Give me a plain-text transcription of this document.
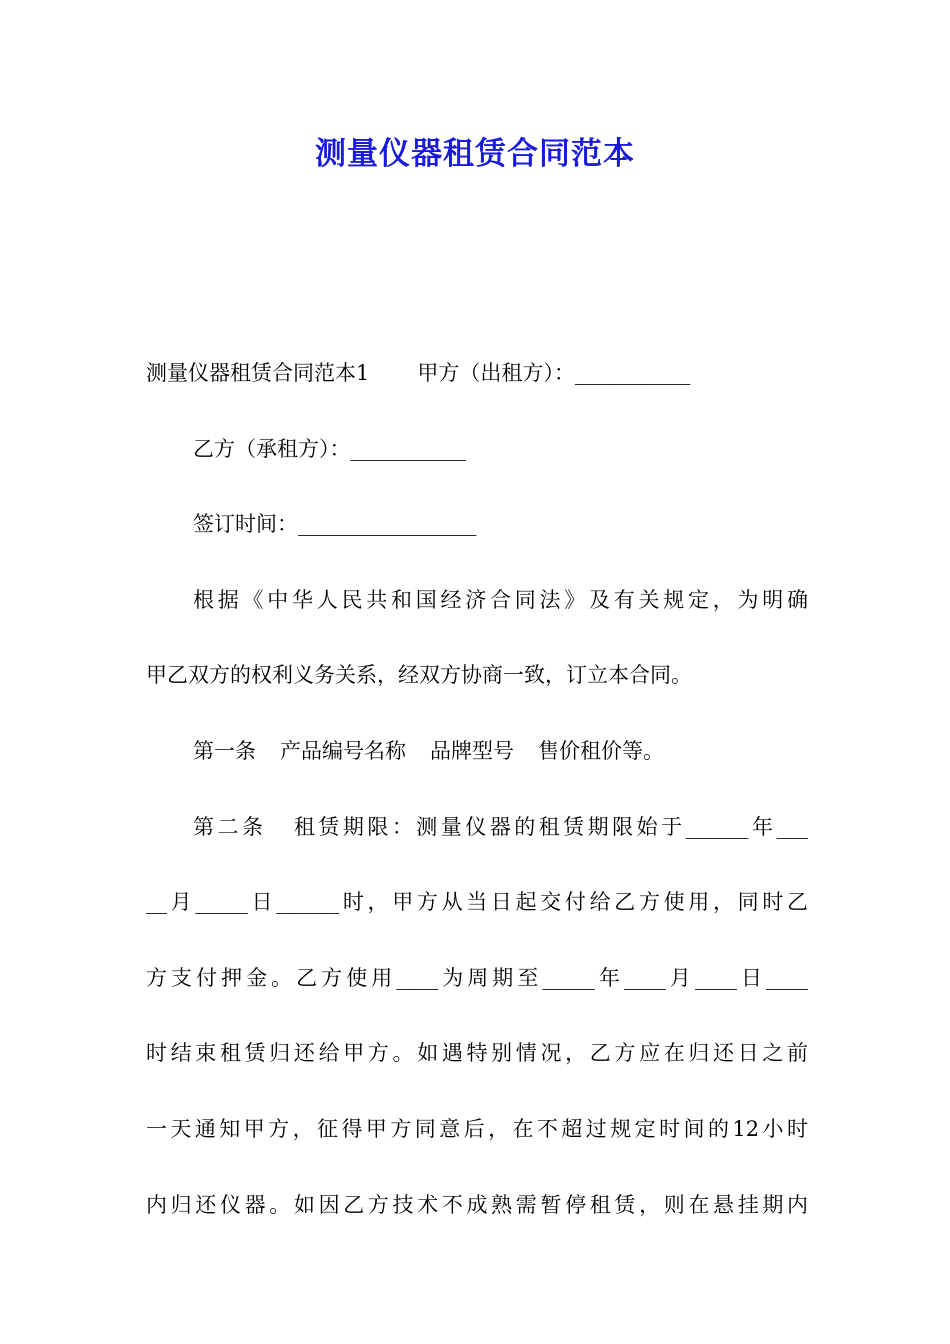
测量仪器租赁合同范本

测量仪器租赁合同范本1 甲方（出租方）：___________

乙方（承租方）：___________

签订时间：_________________

根据《中华人民共和国经济合同法》及有关规定，为明确

甲乙双方的权利义务关系，经双方协商一致，订立本合同。

第一条 产品编号名称 品牌型号 售价租价等。

第二条 租赁期限：测量仪器的租赁期限始于______年___

__月_____日______时，甲方从当日起交付给乙方使用，同时乙

方支付押金。乙方使用____为周期至_____年____月____日____

时结束租赁归还给甲方。如遇特别情况，乙方应在归还日之前

一天通知甲方，征得甲方同意后，在不超过规定时间的12小时

内归还仪器。如因乙方技术不成熟需暂停租赁，则在悬挂期内
